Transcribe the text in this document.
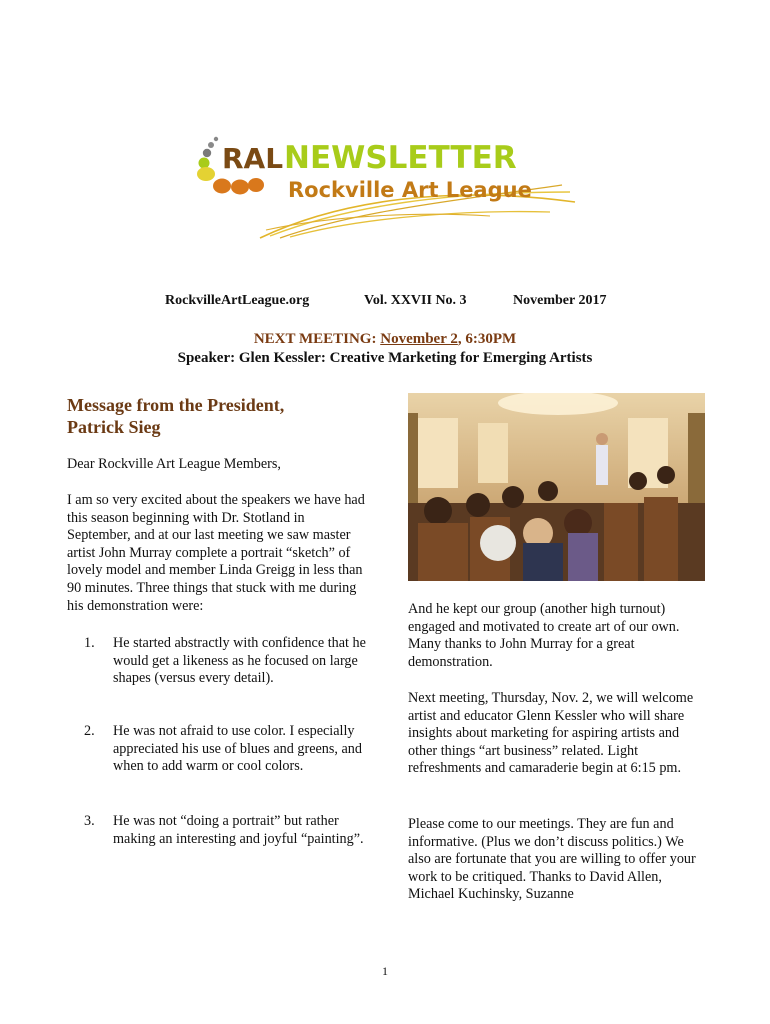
RAL NEWSLETTER
Rockville Art League
RockvilleArtLeague.org	Vol. XXVII No. 3	November 2017
NEXT MEETING: November 2, 6:30PM
Speaker: Glen Kessler: Creative Marketing for Emerging Artists
Message from the President,
Patrick Sieg
Dear Rockville Art League Members,
I am so very excited about the speakers we have had this season beginning with Dr. Stotland in September, and at our last meeting we saw master artist John Murray complete a portrait “sketch” of lovely model and member Linda Greigg in less than 90 minutes. Three things that stuck with me during his demonstration were:
1. He started abstractly with confidence that he would get a likeness as he focused on large shapes (versus every detail).
2. He was not afraid to use color. I especially appreciated his use of blues and greens, and when to add warm or cool colors.
3. He was not “doing a portrait” but rather making an interesting and joyful “painting”.
And he kept our group (another high turnout) engaged and motivated to create art of our own. Many thanks to John Murray for a great demonstration.
Next meeting, Thursday, Nov. 2, we will welcome artist and educator Glenn Kessler who will share insights about marketing for aspiring artists and other things “art business” related. Light refreshments and camaraderie begin at 6:15 pm.
Please come to our meetings. They are fun and informative. (Plus we don’t discuss politics.) We also are fortunate that you are willing to offer your work to be critiqued. Thanks to David Allen, Michael Kuchinsky, Suzanne
1
